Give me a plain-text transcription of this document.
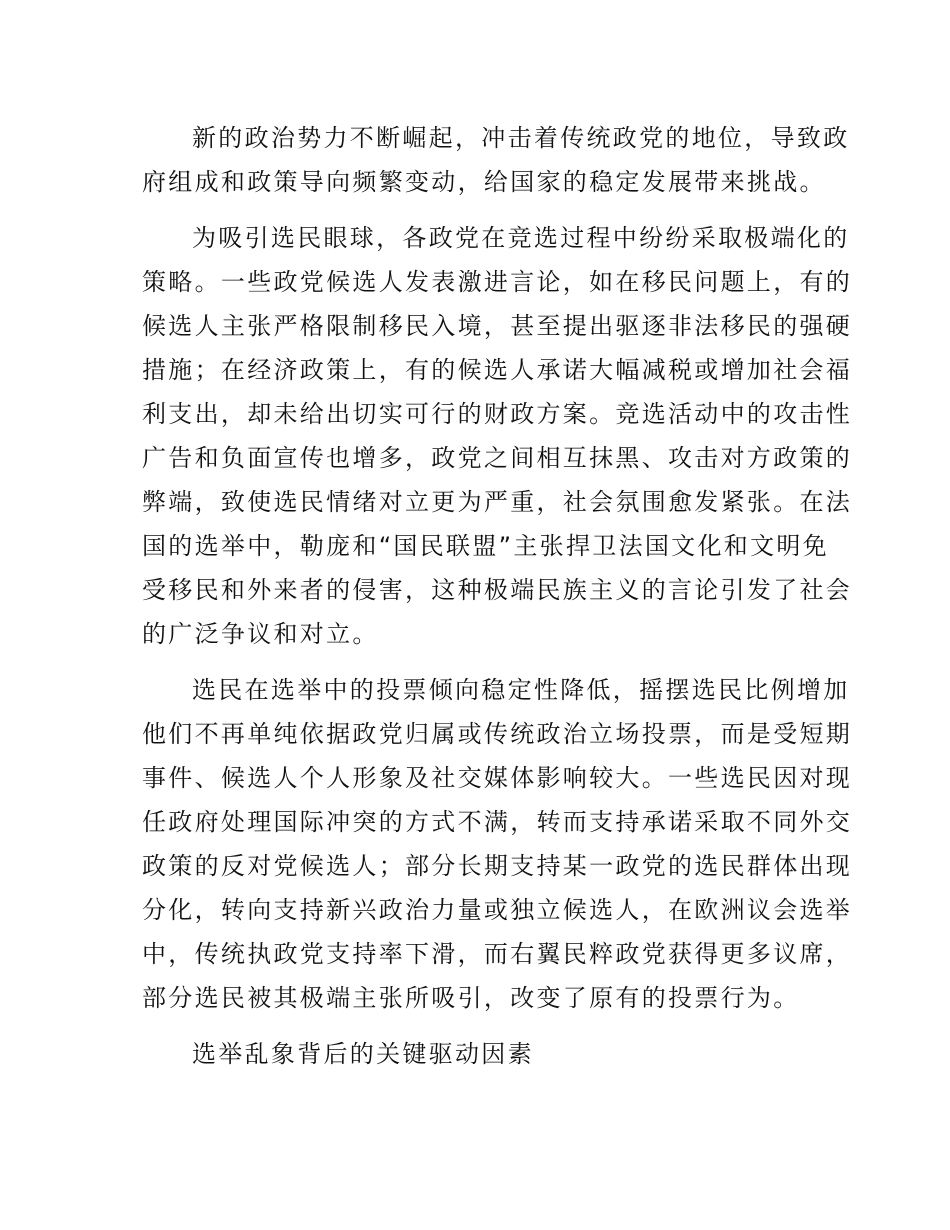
新的政治势力不断崛起，冲击着传统政党的地位，导致政
府组成和政策导向频繁变动，给国家的稳定发展带来挑战。
为吸引选民眼球，各政党在竞选过程中纷纷采取极端化的
策略。一些政党候选人发表激进言论，如在移民问题上，有的
候选人主张严格限制移民入境，甚至提出驱逐非法移民的强硬
措施；在经济政策上，有的候选人承诺大幅减税或增加社会福
利支出，却未给出切实可行的财政方案。竞选活动中的攻击性
广告和负面宣传也增多，政党之间相互抹黑、攻击对方政策的
弊端，致使选民情绪对立更为严重，社会氛围愈发紧张。在法
国的选举中，勒庞和“国民联盟”主张捍卫法国文化和文明免
受移民和外来者的侵害，这种极端民族主义的言论引发了社会
的广泛争议和对立。
选民在选举中的投票倾向稳定性降低，摇摆选民比例增加
他们不再单纯依据政党归属或传统政治立场投票，而是受短期
事件、候选人个人形象及社交媒体影响较大。一些选民因对现
任政府处理国际冲突的方式不满，转而支持承诺采取不同外交
政策的反对党候选人；部分长期支持某一政党的选民群体出现
分化，转向支持新兴政治力量或独立候选人，在欧洲议会选举
中，传统执政党支持率下滑，而右翼民粹政党获得更多议席，
部分选民被其极端主张所吸引，改变了原有的投票行为。
选举乱象背后的关键驱动因素
